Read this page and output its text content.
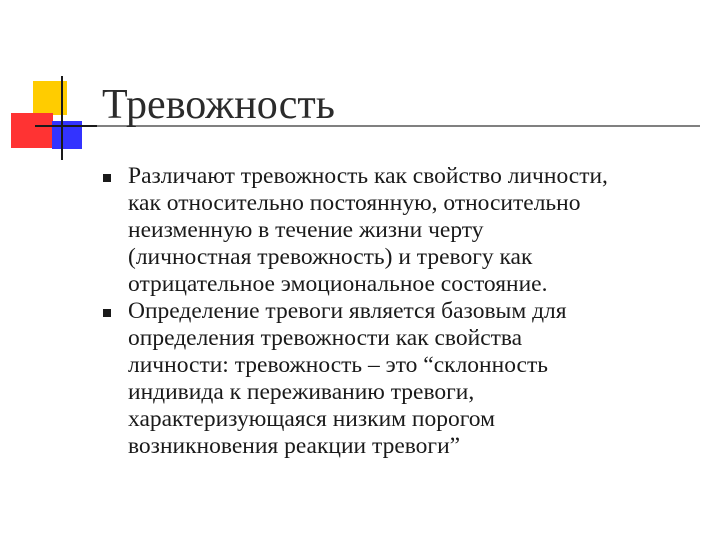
Тревожность
Различают тревожность как свойство личности,
как относительно постоянную, относительно
неизменную в течение жизни черту
(личностная тревожность) и тревогу как
отрицательное эмоциональное состояние.
Определение тревоги является базовым для
определения тревожности как свойства
личности: тревожность – это “склонность
индивида к переживанию тревоги,
характеризующаяся низким порогом
возникновения реакции тревоги”
